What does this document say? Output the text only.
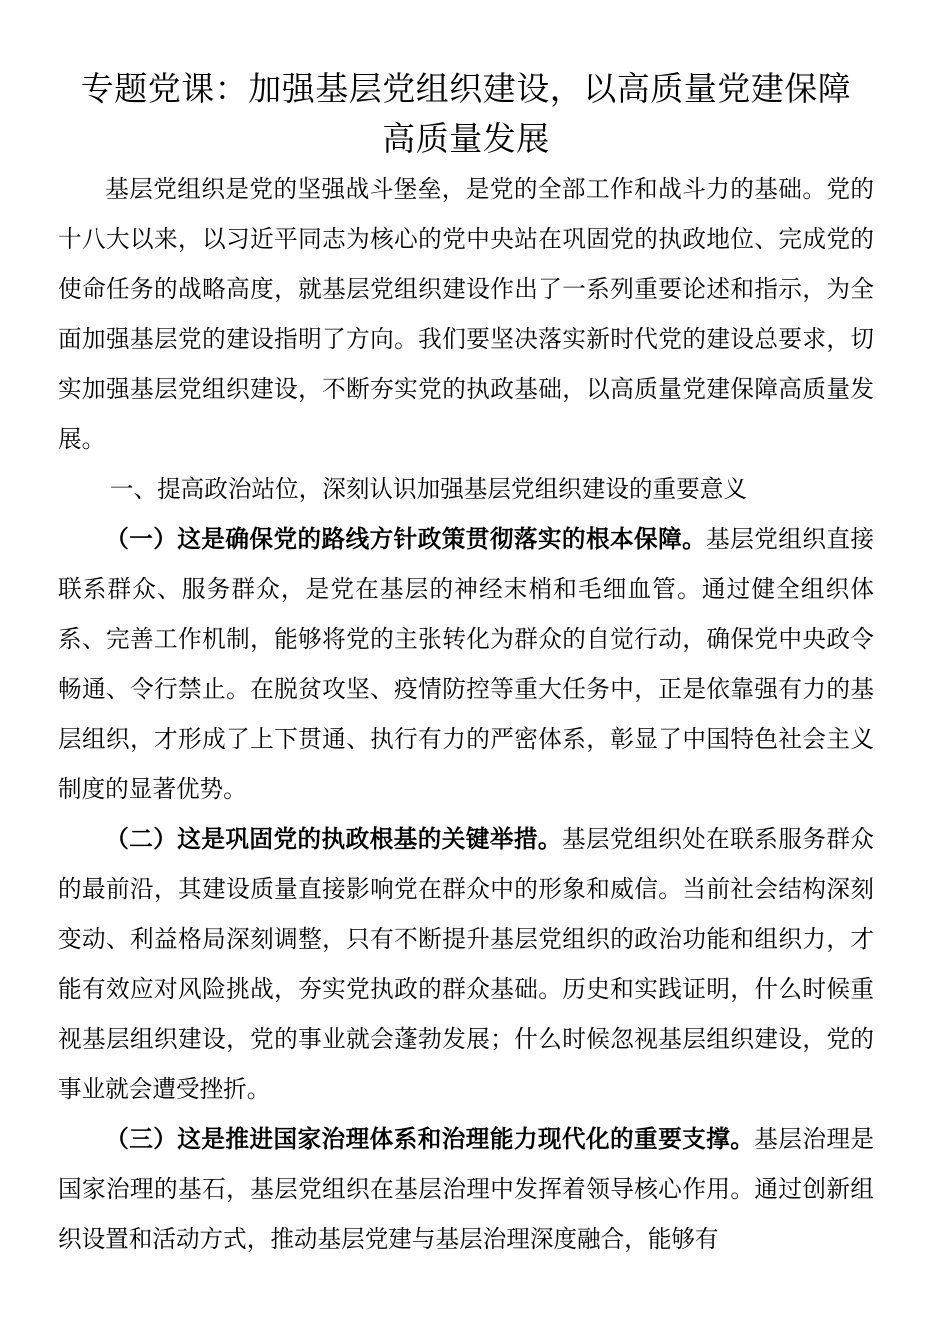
专题党课：加强基层党组织建设，以高质量党建保障
高质量发展

基层党组织是党的坚强战斗堡垒，是党的全部工作和战斗力的基础。党的十八大以来，以习近平同志为核心的党中央站在巩固党的执政地位、完成党的使命任务的战略高度，就基层党组织建设作出了一系列重要论述和指示，为全面加强基层党的建设指明了方向。我们要坚决落实新时代党的建设总要求，切实加强基层党组织建设，不断夯实党的执政基础，以高质量党建保障高质量发展。

一、提高政治站位，深刻认识加强基层党组织建设的重要意义

（一）这是确保党的路线方针政策贯彻落实的根本保障。基层党组织直接联系群众、服务群众，是党在基层的神经末梢和毛细血管。通过健全组织体系、完善工作机制，能够将党的主张转化为群众的自觉行动，确保党中央政令畅通、令行禁止。在脱贫攻坚、疫情防控等重大任务中，正是依靠强有力的基层组织，才形成了上下贯通、执行有力的严密体系，彰显了中国特色社会主义制度的显著优势。

（二）这是巩固党的执政根基的关键举措。基层党组织处在联系服务群众的最前沿，其建设质量直接影响党在群众中的形象和威信。当前社会结构深刻变动、利益格局深刻调整，只有不断提升基层党组织的政治功能和组织力，才能有效应对风险挑战，夯实党执政的群众基础。历史和实践证明，什么时候重视基层组织建设，党的事业就会蓬勃发展；什么时候忽视基层组织建设，党的事业就会遭受挫折。

（三）这是推进国家治理体系和治理能力现代化的重要支撑。基层治理是国家治理的基石，基层党组织在基层治理中发挥着领导核心作用。通过创新组织设置和活动方式，推动基层党建与基层治理深度融合，能够有
